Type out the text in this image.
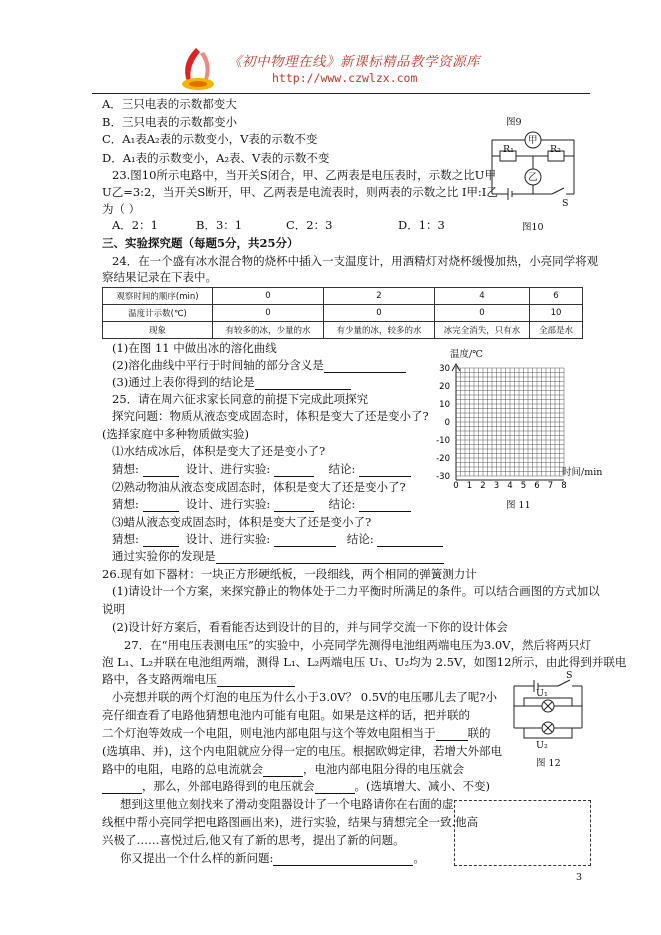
《初中物理在线》新课标精品教学资源库
http://www.czwlzx.com
A．三只电表的示数都变大
B．三只电表的示数都变小
C．A₁表A₂表的示数变小，V表的示数不变
D．A₁表的示数变小，A₂表、V表的示数不变
图9
甲
乙
R₁	R₂
S
图10
23.图10所示电路中，当开关S闭合，甲、乙两表是电压表时，示数之比U甲
U乙=3:2，当开关S断开，甲、乙两表是电流表时，则两表的示数之比 I甲:I乙
为（ ）
A．2：1	B．3：1	C．2：3	D．1：3
三、实验探究题（每题5分，共25分）
24．在一个盛有冰水混合物的烧杯中插入一支温度计，用酒精灯对烧杯缓慢加热，小亮同学将观
察结果记录在下表中。
观察时间的顺序(min)	0	2	4	6
温度计示数(℃)	0	0	0	10
现象	有较多的冰，少量的水	有少量的冰，较多的水	冰完全消失，只有水	全部是水
(1)在图 11 中做出冰的溶化曲线
(2)溶化曲线中平行于时间轴的部分含义是
(3)通过上表你得到的结论是
25．请在周六征求家长同意的前提下完成此项探究
探究问题：物质从液态变成固态时，体积是变大了还是变小了?
(选择家庭中多种物质做实验)
⑴水结成冰后，体积是变大了还是变小了?
猜想:	设计、进行实验:	结论:
⑵熟动物油从液态变成固态时，体积是变大了还是变小了?
猜想:	设计、进行实验:	结论:
⑶蜡从液态变成固态时，体积是变大了还是变小了?
猜想:	设计、进行实验:	结论:
通过实验你的发现是
30
20
10
0
-10
-20
-30
0 1 2 3 4 5 6 7 8
温度/℃
时间/min
图 11
26.现有如下器材：一块正方形硬纸板，一段细线，两个相同的弹簧测力计
(1)请设计一个方案，来探究静止的物体处于二力平衡时所满足的条件。可以结合画图的方式加以
说明
(2)设计好方案后，看看能否达到设计的目的，并与同学交流一下你的设计体会
27．在“用电压表测电压”的实验中，小亮同学先测得电池组两端电压为3.0V，然后将两只灯
泡 L₁、L₂并联在电池组两端，测得 L₁、L₂两端电压 U₁、U₂均为 2.5V，如图12所示，由此得到并联电
路中，各支路两端电压
小亮想并联的两个灯泡的电压为什么小于3.0V？ 0.5V的电压哪儿去了呢?小
亮仔细查看了电路他猜想电池内可能有电阻。如果是这样的话，把并联的
二个灯泡等效成一个电阻，则电池内部电阻与这个等效电阻相当于	联的
(选填串、并)，这个内电阻就应分得一定的电压。根据欧姆定律，若增大外部电
路中的电阻，电路的总电流就会	，电池内部电阻分得的电压就会
，那么，外部电路得到的电压就会	。(选填增大、减小、不变)
U₁
U₂
S
图 12
想到这里他立刻找来了滑动变阻器设计了一个电路请你在右面的虚
线框中帮小亮同学把电路图画出来)，进行实验，结果与猜想完全一致.他高
兴极了……喜悦过后,他又有了新的思考，提出了新的问题。
你又提出一个什么样的新问题:	。
3
